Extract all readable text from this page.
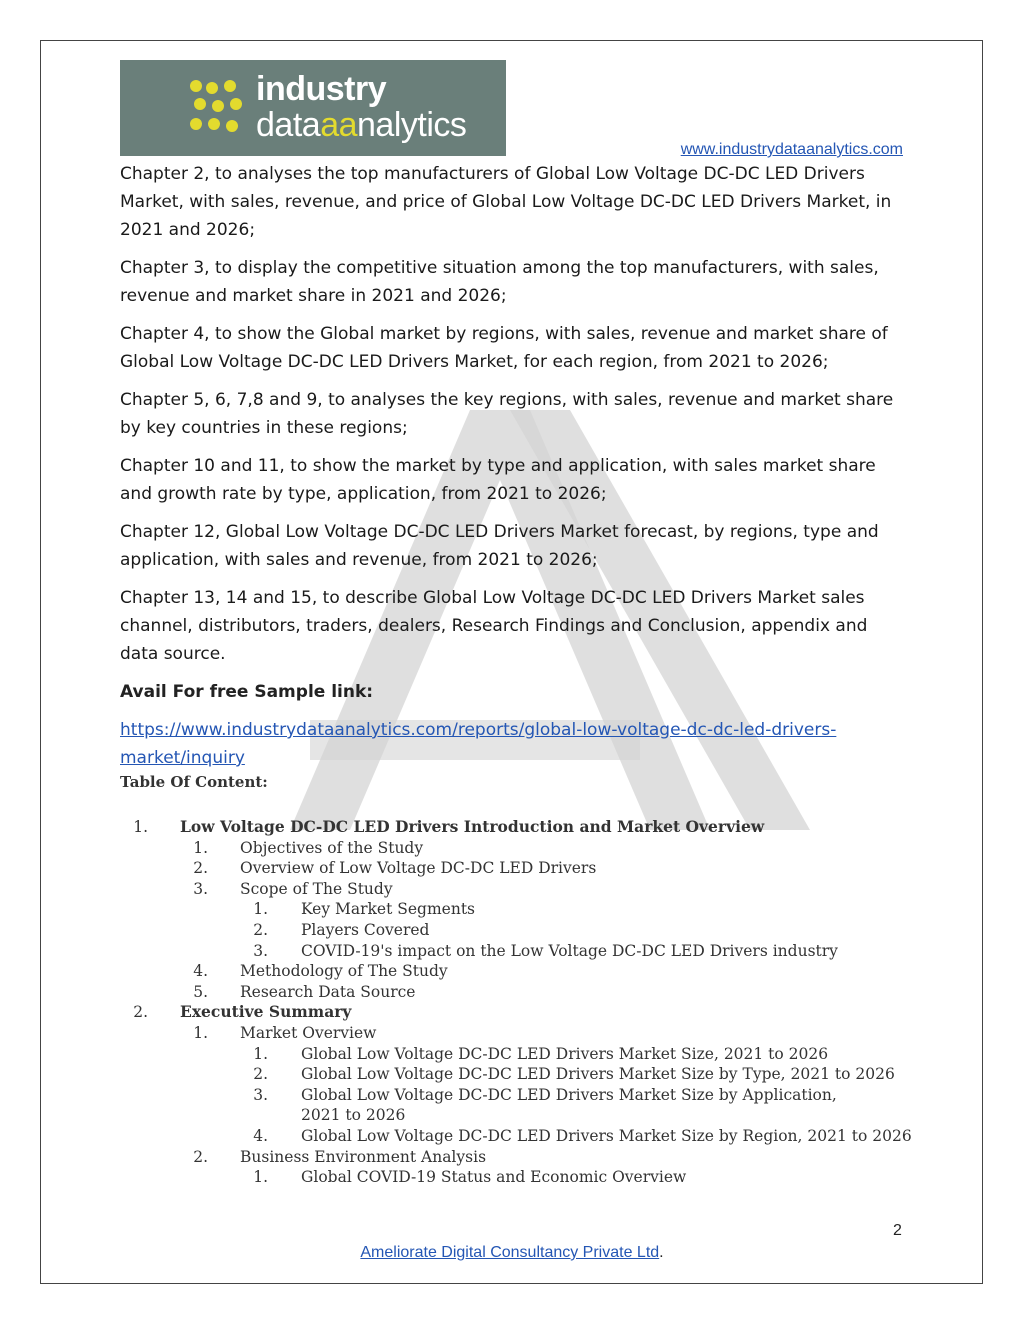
industry
dataaanalytics
www.industrydataanalytics.com

Chapter 2, to analyses the top manufacturers of Global Low Voltage DC-DC LED Drivers Market, with sales, revenue, and price of Global Low Voltage DC-DC LED Drivers Market, in 2021 and 2026;

Chapter 3, to display the competitive situation among the top manufacturers, with sales, revenue and market share in 2021 and 2026;

Chapter 4, to show the Global market by regions, with sales, revenue and market share of Global Low Voltage DC-DC LED Drivers Market, for each region, from 2021 to 2026;

Chapter 5, 6, 7,8 and 9, to analyses the key regions, with sales, revenue and market share by key countries in these regions;

Chapter 10 and 11, to show the market by type and application, with sales market share and growth rate by type, application, from 2021 to 2026;

Chapter 12, Global Low Voltage DC-DC LED Drivers Market forecast, by regions, type and application, with sales and revenue, from 2021 to 2026;

Chapter 13, 14 and 15, to describe Global Low Voltage DC-DC LED Drivers Market sales channel, distributors, traders, dealers, Research Findings and Conclusion, appendix and data source.

Avail For free Sample link:

https://www.industrydataanalytics.com/reports/global-low-voltage-dc-dc-led-drivers-market/inquiry

Table Of Content:
1. Low Voltage DC-DC LED Drivers Introduction and Market Overview
1. Objectives of the Study
2. Overview of Low Voltage DC-DC LED Drivers
3. Scope of The Study
1. Key Market Segments
2. Players Covered
3. COVID-19's impact on the Low Voltage DC-DC LED Drivers industry
4. Methodology of The Study
5. Research Data Source
2. Executive Summary
1. Market Overview
1. Global Low Voltage DC-DC LED Drivers Market Size, 2021 to 2026
2. Global Low Voltage DC-DC LED Drivers Market Size by Type, 2021 to 2026
3. Global Low Voltage DC-DC LED Drivers Market Size by Application, 2021 to 2026
4. Global Low Voltage DC-DC LED Drivers Market Size by Region, 2021 to 2026
2. Business Environment Analysis
1. Global COVID-19 Status and Economic Overview
2
Ameliorate Digital Consultancy Private Ltd.
